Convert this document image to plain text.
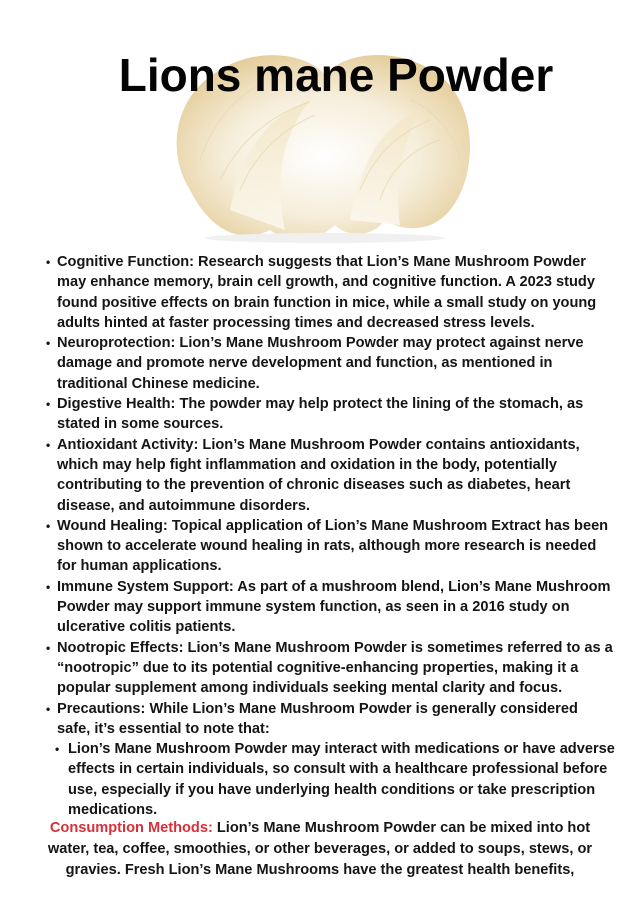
Lions mane Powder
• Cognitive Function: Research suggests that Lion’s Mane Mushroom Powder may enhance memory, brain cell growth, and cognitive function. A 2023 study found positive effects on brain function in mice, while a small study on young adults hinted at faster processing times and decreased stress levels.
• Neuroprotection: Lion’s Mane Mushroom Powder may protect against nerve damage and promote nerve development and function, as mentioned in traditional Chinese medicine.
• Digestive Health: The powder may help protect the lining of the stomach, as stated in some sources.
• Antioxidant Activity: Lion’s Mane Mushroom Powder contains antioxidants, which may help fight inflammation and oxidation in the body, potentially contributing to the prevention of chronic diseases such as diabetes, heart disease, and autoimmune disorders.
• Wound Healing: Topical application of Lion’s Mane Mushroom Extract has been shown to accelerate wound healing in rats, although more research is needed for human applications.
• Immune System Support: As part of a mushroom blend, Lion’s Mane Mushroom Powder may support immune system function, as seen in a 2016 study on ulcerative colitis patients.
• Nootropic Effects: Lion’s Mane Mushroom Powder is sometimes referred to as a “nootropic” due to its potential cognitive-enhancing properties, making it a popular supplement among individuals seeking mental clarity and focus.
• Precautions: While Lion’s Mane Mushroom Powder is generally considered safe, it’s essential to note that:
• Lion’s Mane Mushroom Powder may interact with medications or have adverse effects in certain individuals, so consult with a healthcare professional before use, especially if you have underlying health conditions or take prescription medications.
Consumption Methods: Lion’s Mane Mushroom Powder can be mixed into hot water, tea, coffee, smoothies, or other beverages, or added to soups, stews, or gravies. Fresh Lion’s Mane Mushrooms have the greatest health benefits,
